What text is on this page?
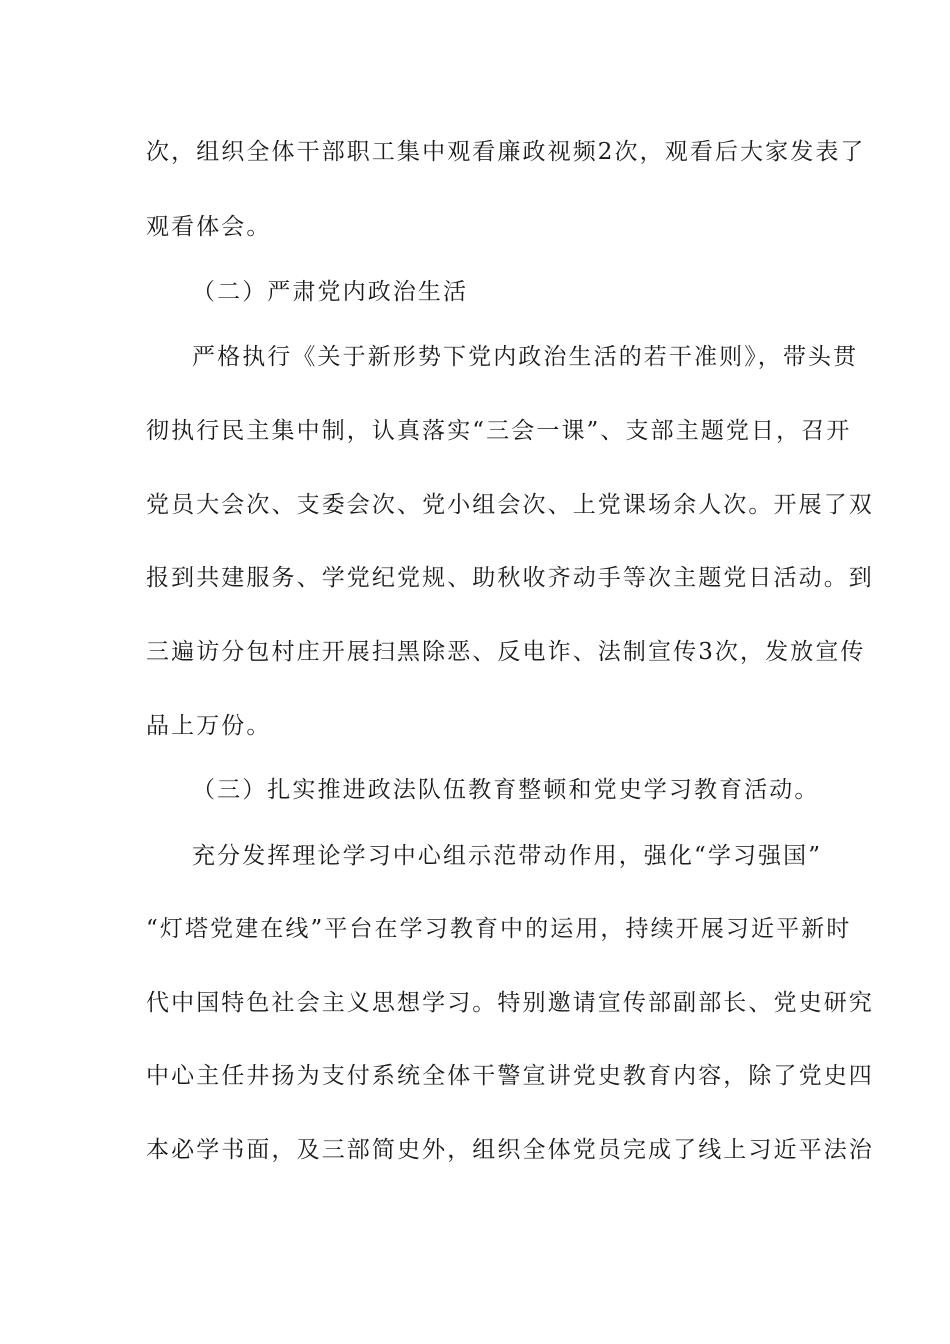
次，组织全体干部职工集中观看廉政视频2次，观看后大家发表了
观看体会。
（二）严肃党内政治生活
严格执行《关于新形势下党内政治生活的若干准则》，带头贯
彻执行民主集中制，认真落实“三会一课”、支部主题党日，召开
党员大会次、支委会次、党小组会次、上党课场余人次。开展了双
报到共建服务、学党纪党规、助秋收齐动手等次主题党日活动。到
三遍访分包村庄开展扫黑除恶、反电诈、法制宣传3次，发放宣传
品上万份。
（三）扎实推进政法队伍教育整顿和党史学习教育活动。
充分发挥理论学习中心组示范带动作用，强化“学习强国”
“灯塔党建在线”平台在学习教育中的运用，持续开展习近平新时
代中国特色社会主义思想学习。特别邀请宣传部副部长、党史研究
中心主任井扬为支付系统全体干警宣讲党史教育内容，除了党史四
本必学书面，及三部简史外，组织全体党员完成了线上习近平法治
